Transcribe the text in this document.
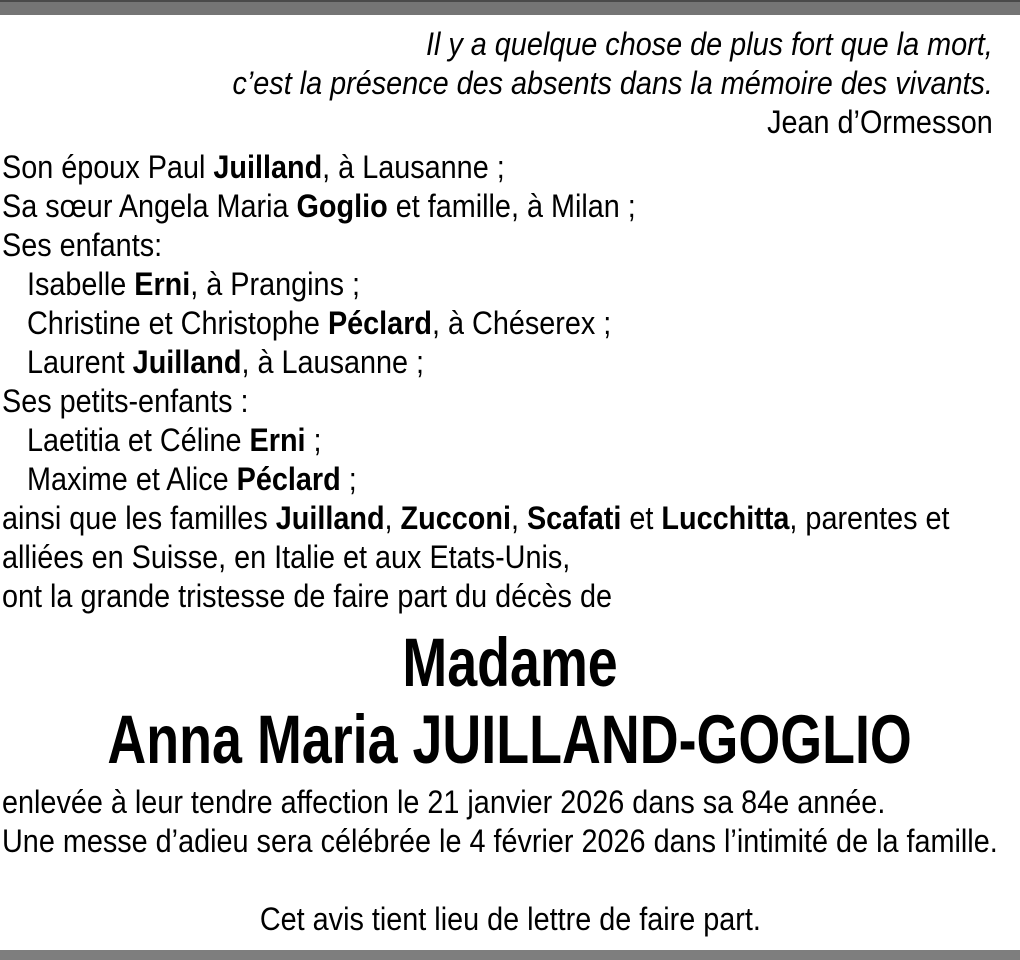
Il y a quelque chose de plus fort que la mort,
c’est la présence des absents dans la mémoire des vivants.
Jean d’Ormesson
Son époux Paul Juilland, à Lausanne ;
Sa sœur Angela Maria Goglio et famille, à Milan ;
Ses enfants:
Isabelle Erni, à Prangins ;
Christine et Christophe Péclard, à Chéserex ;
Laurent Juilland, à Lausanne ;
Ses petits-enfants :
Laetitia et Céline Erni ;
Maxime et Alice Péclard ;
ainsi que les familles Juilland, Zucconi, Scafati et Lucchitta, parentes et
alliées en Suisse, en Italie et aux Etats-Unis,
ont la grande tristesse de faire part du décès de
Madame
Anna Maria JUILLAND-GOGLIO
enlevée à leur tendre affection le 21 janvier 2026 dans sa 84e année.
Une messe d’adieu sera célébrée le 4 février 2026 dans l’intimité de la famille.
Cet avis tient lieu de lettre de faire part.
